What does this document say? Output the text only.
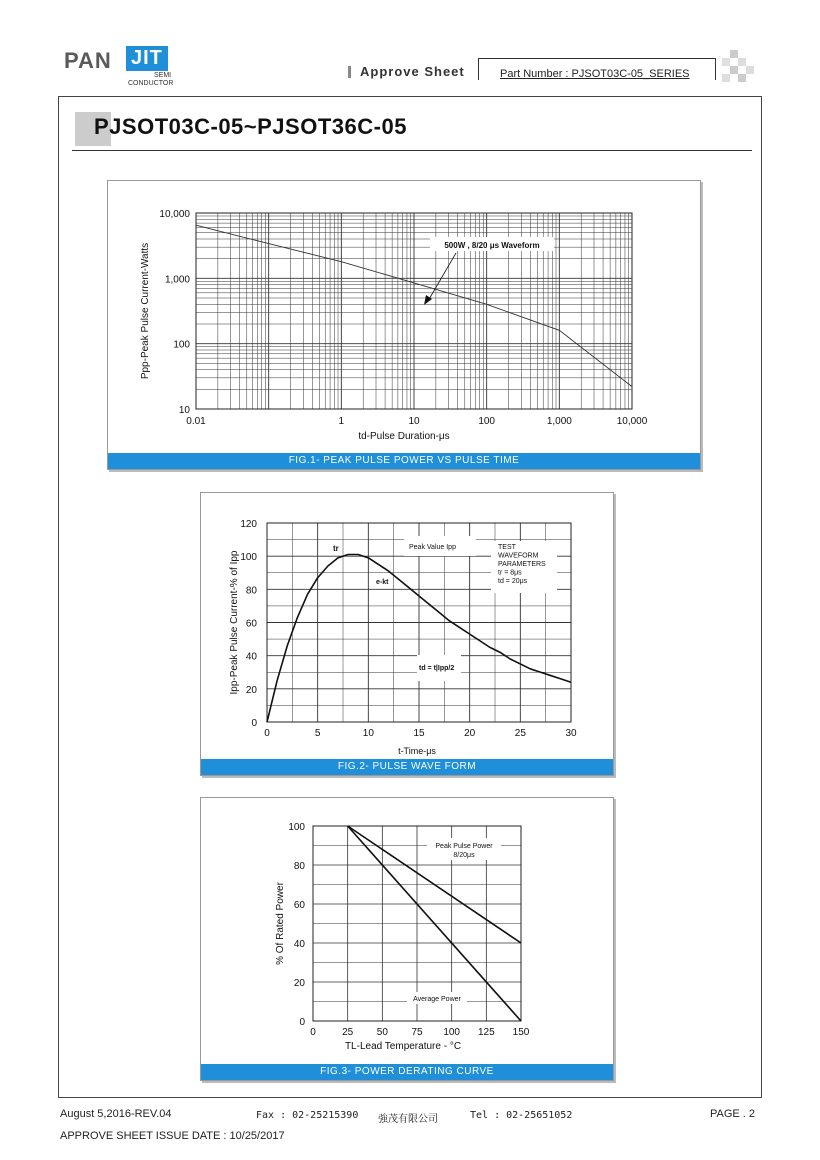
PAN JIT
SEMI
CONDUCTOR
Approve Sheet	Part Number : PJSOT03C-05_SERIES
PJSOT03C-05~PJSOT36C-05
0.01	1	10	100	1,000	10,000
10
100
1,000
10,000
td-Pulse Duration-μs
Ppp-Peak Pulse Current-Watts	500W , 8/20 μs Waveform
FIG.1- PEAK PULSE POWER VS PULSE TIME
0	5	10	15	20	25	30
0
20
40
60
80
100
120
t-Time-μs
Ipp-Peak Pulse Current-% of Ipp
tr	Peak Value Ipp	TEST
WAVEFORM
PARAMETERS
tr = 8μs
td = 20μs
e-kt
td = t|Ipp/2
FIG.2- PULSE WAVE FORM
0	25 50 75 100 125 150
0
20
40
60
80
100
TL-Lead Temperature - °C
% Of Rated Power
Peak Pulse Power
8/20μs
Average Power
FIG.3- POWER DERATING CURVE
August 5,2016-REV.04	Fax : 02-25215390 強茂有限公司	Tel : 02-25651052	PAGE . 2
APPROVE SHEET ISSUE DATE : 10/25/2017
